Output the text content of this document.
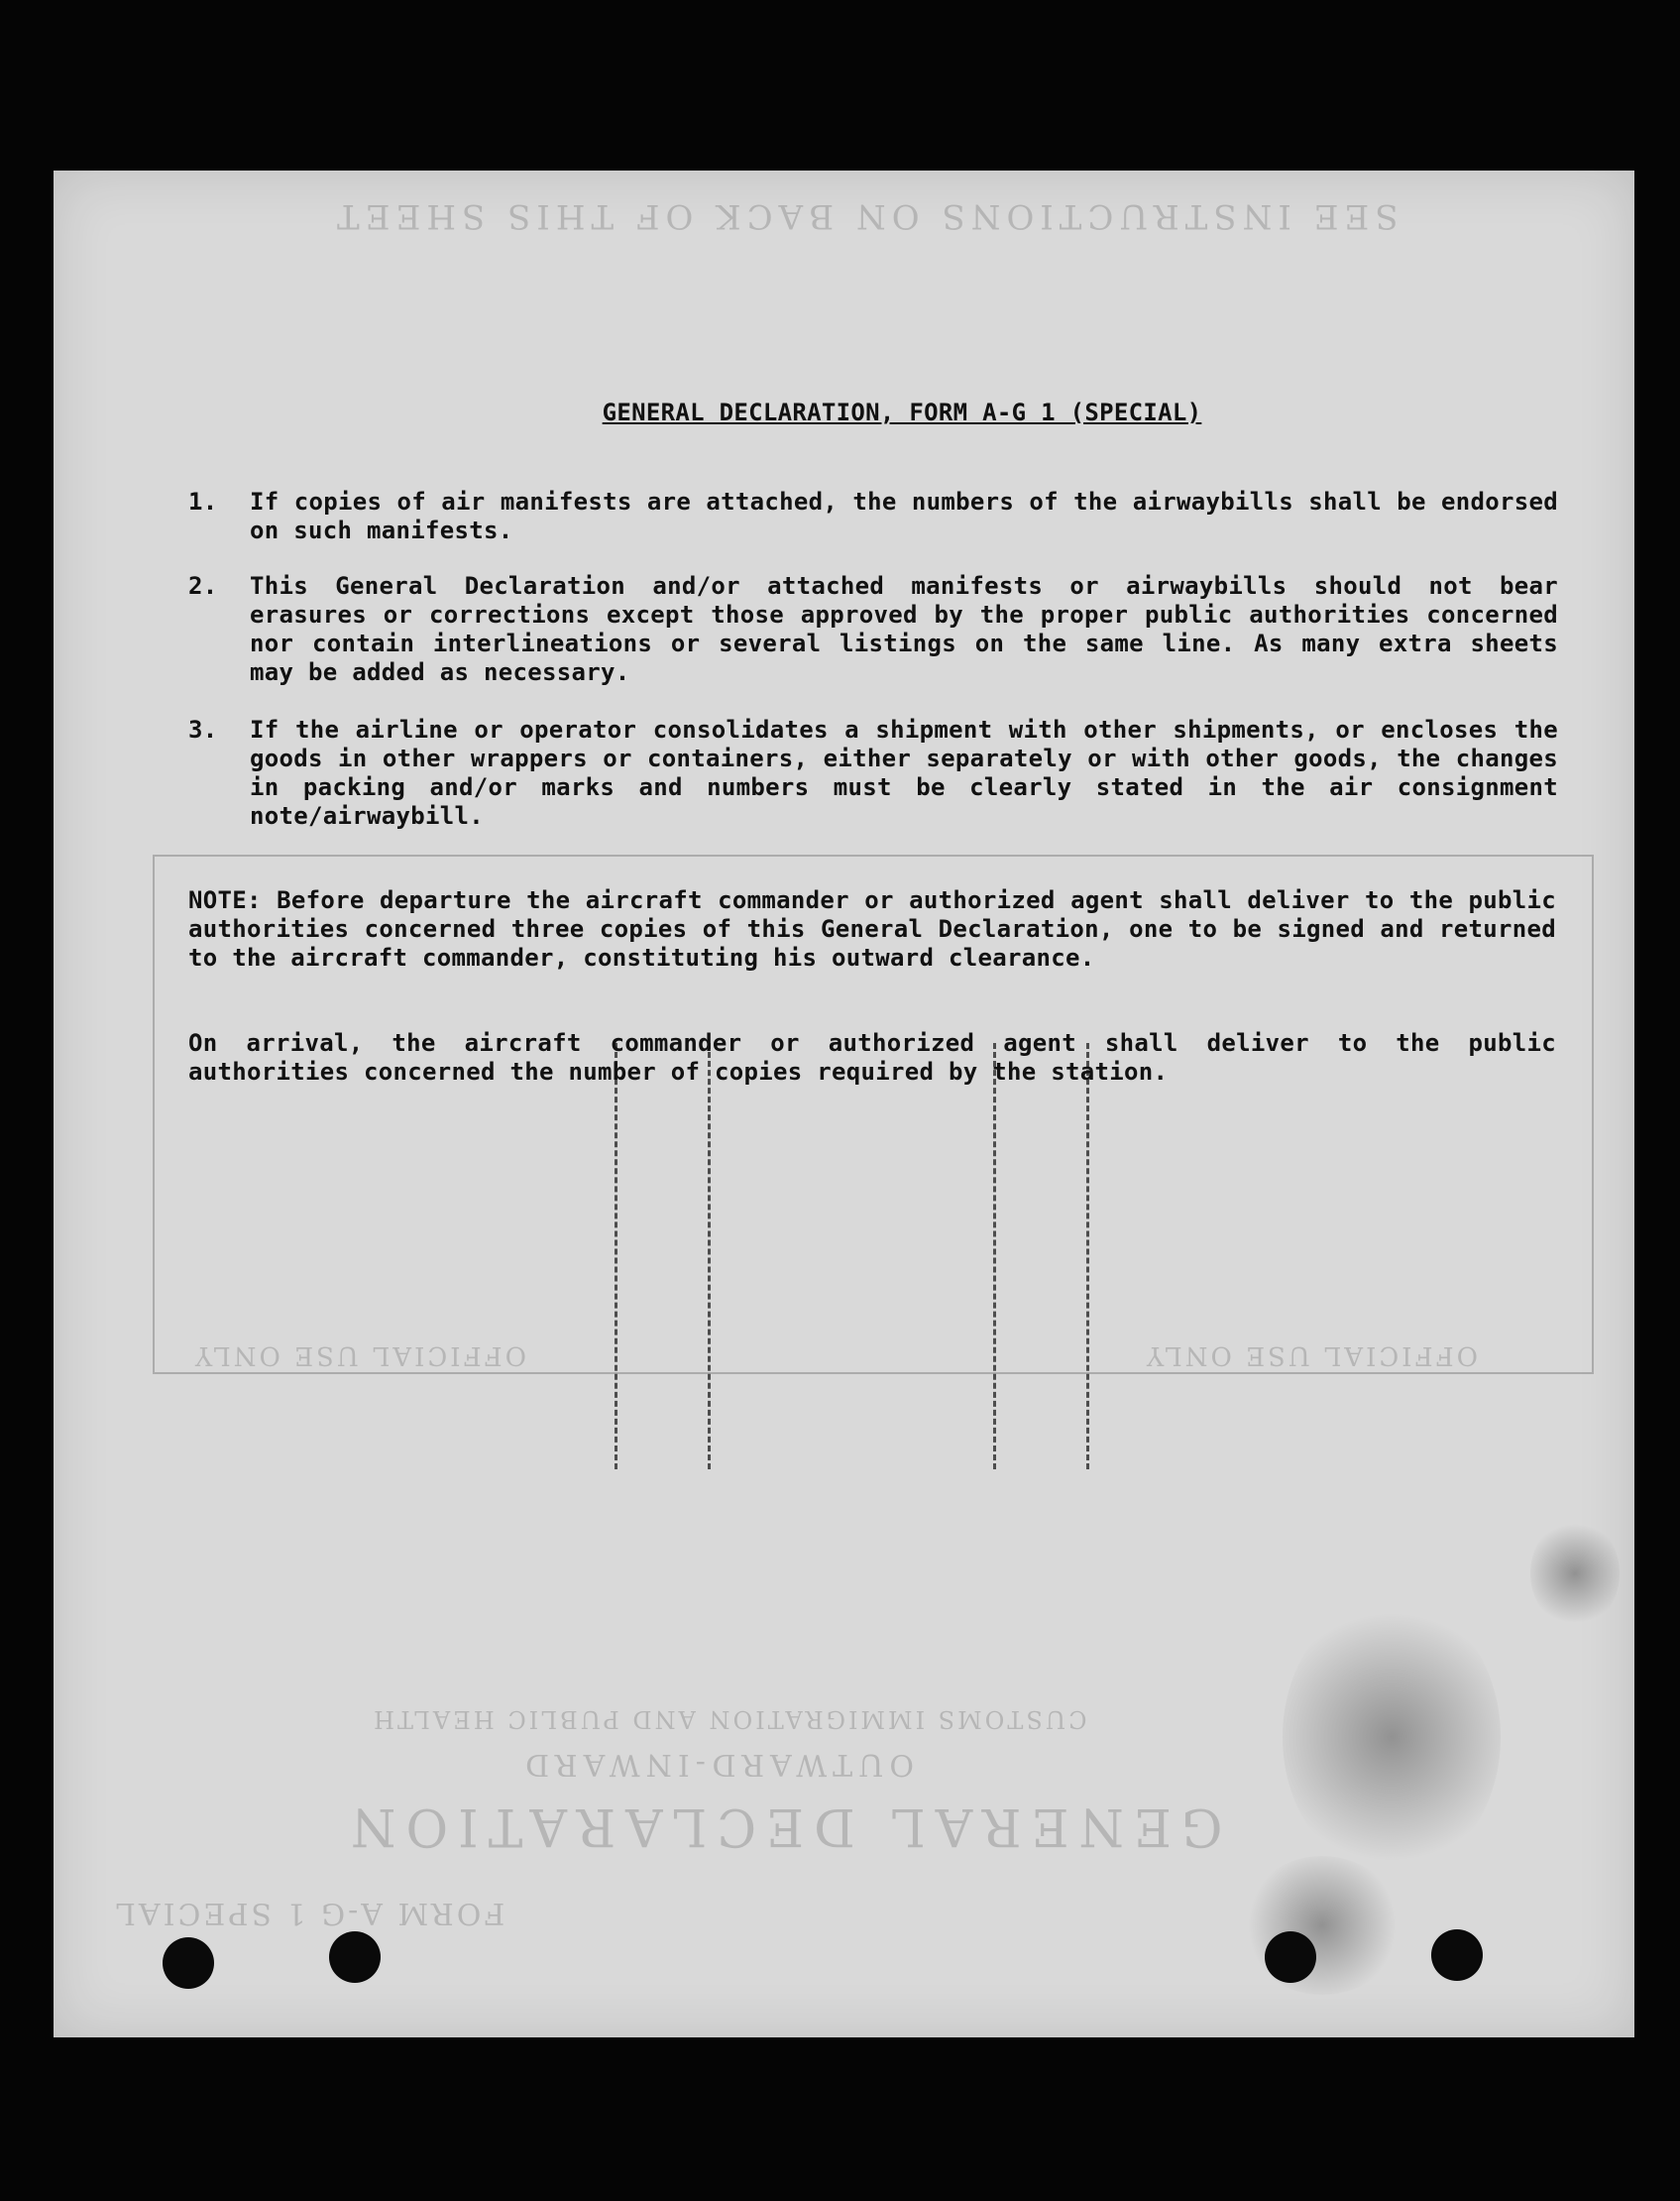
GENERAL DECLARATION
OUTWARD-INWARD
CUSTOMS IMMIGRATION AND PUBLIC HEALTH
SEE INSTRUCTIONS ON BACK OF THIS SHEET
FORM A-G 1 SPECIAL
OFFICIAL USE ONLY	OFFICIAL USE ONLY
GENERAL DECLARATION, FORM A-G 1 (SPECIAL)
1. If copies of air manifests are attached, the numbers of the airwaybills shall be endorsed on such manifests.
2. This General Declaration and/or attached manifests or airwaybills should not bear erasures or corrections except those approved by the proper public authorities concerned nor contain interlineations or several listings on the same line. As many extra sheets may be added as necessary.
3. If the airline or operator consolidates a shipment with other shipments, or encloses the goods in other wrappers or containers, either separately or with other goods, the changes in packing and/or marks and numbers must be clearly stated in the air consignment note/airwaybill.
NOTE: Before departure the aircraft commander or authorized agent shall deliver to the public authorities concerned three copies of this General Declaration, one to be signed and returned to the aircraft commander, constituting his outward clearance.
On arrival, the aircraft commander or authorized agent shall deliver to the public authorities concerned the number of copies required by the station.
